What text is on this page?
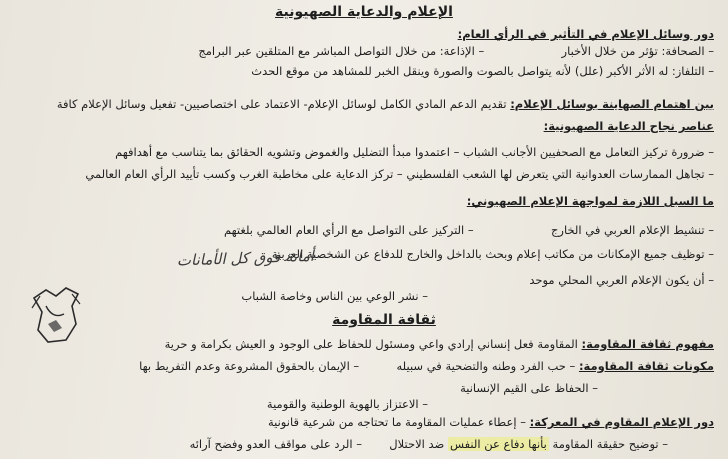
الإعلام والدعاية الصهيونية
دور وسائل الإعلام في التأثير في الرأي العام:
– الصحافة: تؤثر من خلال الأخبار  – الإذاعة: من خلال التواصل المباشر مع المتلقين عبر البرامج
– التلفاز: له الأثر الأكبر (علل) لأنه يتواصل بالصوت والصورة وينقل الخبر للمشاهد من موقع الحدث
بين اهتمام الصهاينة بوسائل الإعلام: تقديم الدعم المادي الكامل لوسائل الإعلام- الاعتماد على اختصاصيين- تفعيل وسائل الإعلام كافة
عناصر نجاح الدعاية الصهيونية:
– ضرورة تركيز التعامل مع الصحفيين الأجانب الشباب – اعتمدوا مبدأ التضليل والغموض وتشويه الحقائق بما يتناسب مع أهدافهم
– تجاهل الممارسات العدوانية التي يتعرض لها الشعب الفلسطيني – تركز الدعاية على مخاطبة الغرب وكسب تأييد الرأي العام العالمي
ما السبل اللازمة لمواجهة الإعلام الصهيوني:
– تنشيط الإعلام العربي في الخارج  – التركيز على التواصل مع الرأي العام العالمي بلغتهم
– توظيف جميع الإمكانات من مكاتب إعلام وبحث بالداخل والخارج للدفاع عن الشخصية العربية
– أن يكون الإعلام العربي المحلي موحد
– نشر الوعي بين الناس وخاصة الشباب
أمانة فوق كل الأمانات
ثقافة المقاومة
مفهوم ثقافة المقاومة: المقاومة فعل إنساني إرادي واعي ومسئول للحفاظ على الوجود و العيش بكرامة و حرية
مكونات ثقافة المقاومة: – حب الفرد وطنه والتضحية في سبيله  – الإيمان بالحقوق المشروعة وعدم التفريط بها
– الحفاظ على القيم الإنسانية
– الاعتزاز بالهوية الوطنية والقومية
دور الإعلام المقاوم في المعركة: – إعطاء عمليات المقاومة ما تحتاجه من شرعية قانونية
– توضيح حقيقة المقاومة بأنها دفاع عن النفس ضد الاحتلال  – الرد على مواقف العدو وفضح آرائه
